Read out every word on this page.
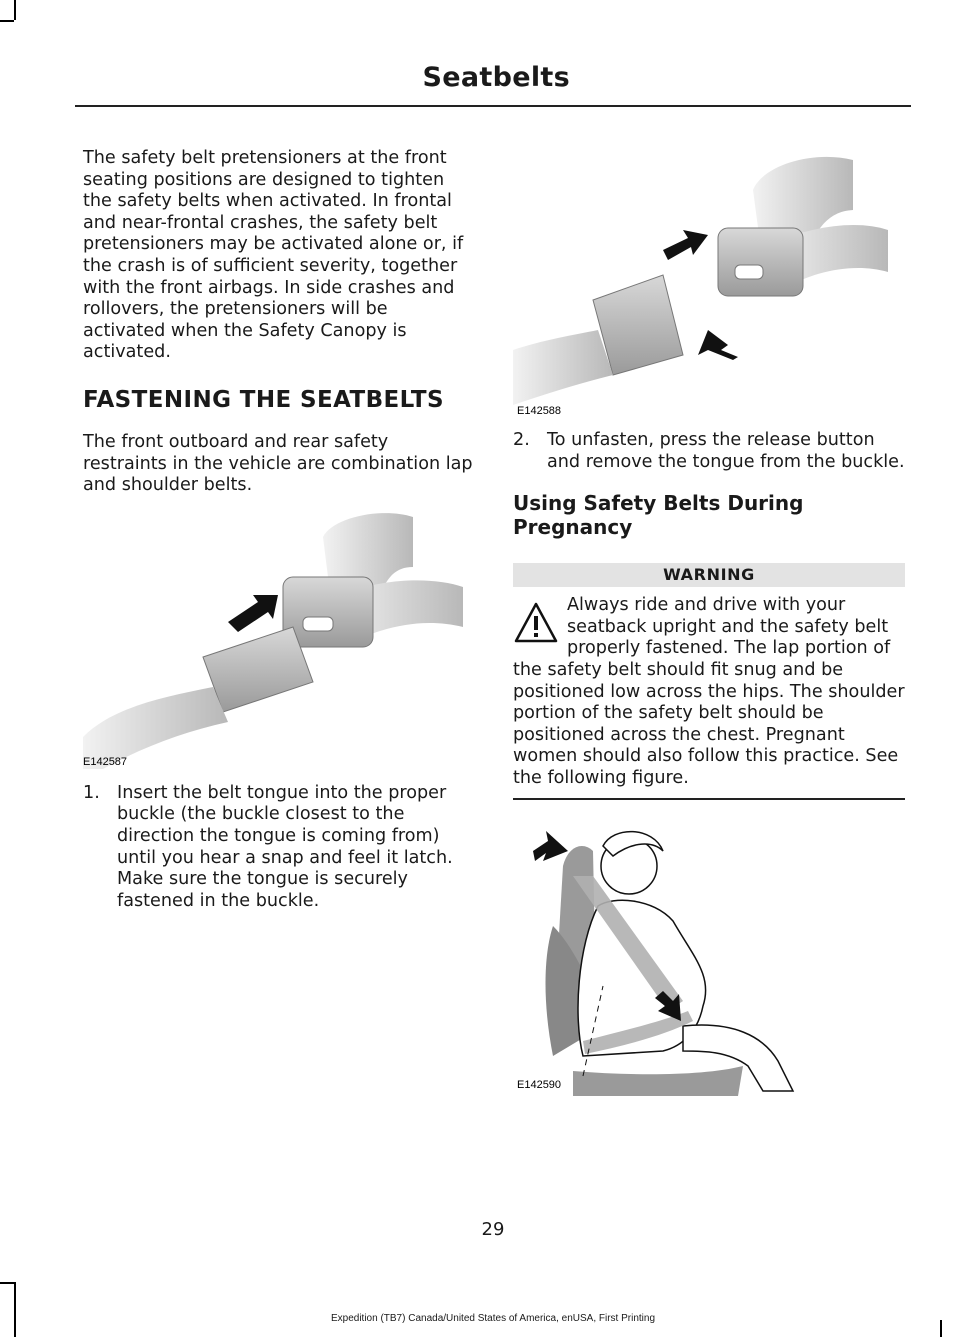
Seatbelts

The safety belt pretensioners at the front seating positions are designed to tighten the safety belts when activated. In frontal and near-frontal crashes, the safety belt pretensioners may be activated alone or, if the crash is of sufficient severity, together with the front airbags. In side crashes and rollovers, the pretensioners will be activated when the Safety Canopy is activated.

FASTENING THE SEATBELTS

The front outboard and rear safety restraints in the vehicle are combination lap and shoulder belts.

E142587
1. Insert the belt tongue into the proper buckle (the buckle closest to the direction the tongue is coming from) until you hear a snap and feel it latch. Make sure the tongue is securely fastened in the buckle.
E142588
2. To unfasten, press the release button and remove the tongue from the buckle.

Using Safety Belts During Pregnancy

WARNING
Always ride and drive with your seatback upright and the safety belt properly fastened. The lap portion of the safety belt should fit snug and be positioned low across the hips. The shoulder portion of the safety belt should be positioned across the chest. Pregnant women should also follow this practice. See the following figure.
E142590
29
Expedition (TB7) Canada/United States of America, enUSA, First Printing
